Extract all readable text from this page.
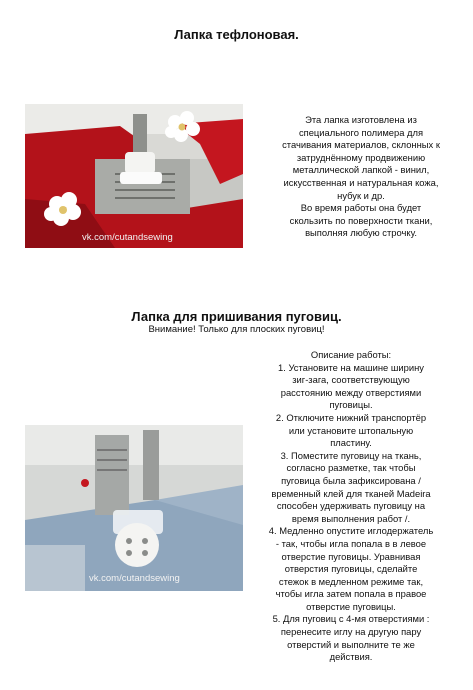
Лапка тефлоновая.
vk.com/cutandsewing

Эта лапка изготовлена из
специального полимера для
стачивания материалов, склонных к
затруднённому продвижению
металлической лапкой - винил,
искусственная и натуральная кожа,
нубук и др.
Во время работы она будет
скользить по поверхности ткани,
выполняя любую строчку.

Лапка для пришивания пуговиц.
Внимание! Только для плоских пуговиц!
vk.com/cutandsewing

Описание работы:
1. Установите на машине ширину
зиг-зага, соответствующую
расстоянию между отверстиями
пуговицы.
2. Отключите нижний транспортёр
или установите штопальную
пластину.
3. Поместите пуговицу на ткань,
согласно разметке, так чтобы
пуговица была зафиксирована /
временный клей для тканей Madeira
способен удерживать пуговицу на
время выполнения работ /.
4. Медленно опустите иглодержатель
- так, чтобы игла попала в в левое
отверстие пуговицы. Уравнивая
отверстия пуговицы, сделайте
стежок в медленном режиме так,
чтобы игла затем попала в правое
отверстие пуговицы.
5. Для пуговиц с 4-мя отверстиями :
перенесите иглу на другую пару
отверстий и выполните те же
действия.
